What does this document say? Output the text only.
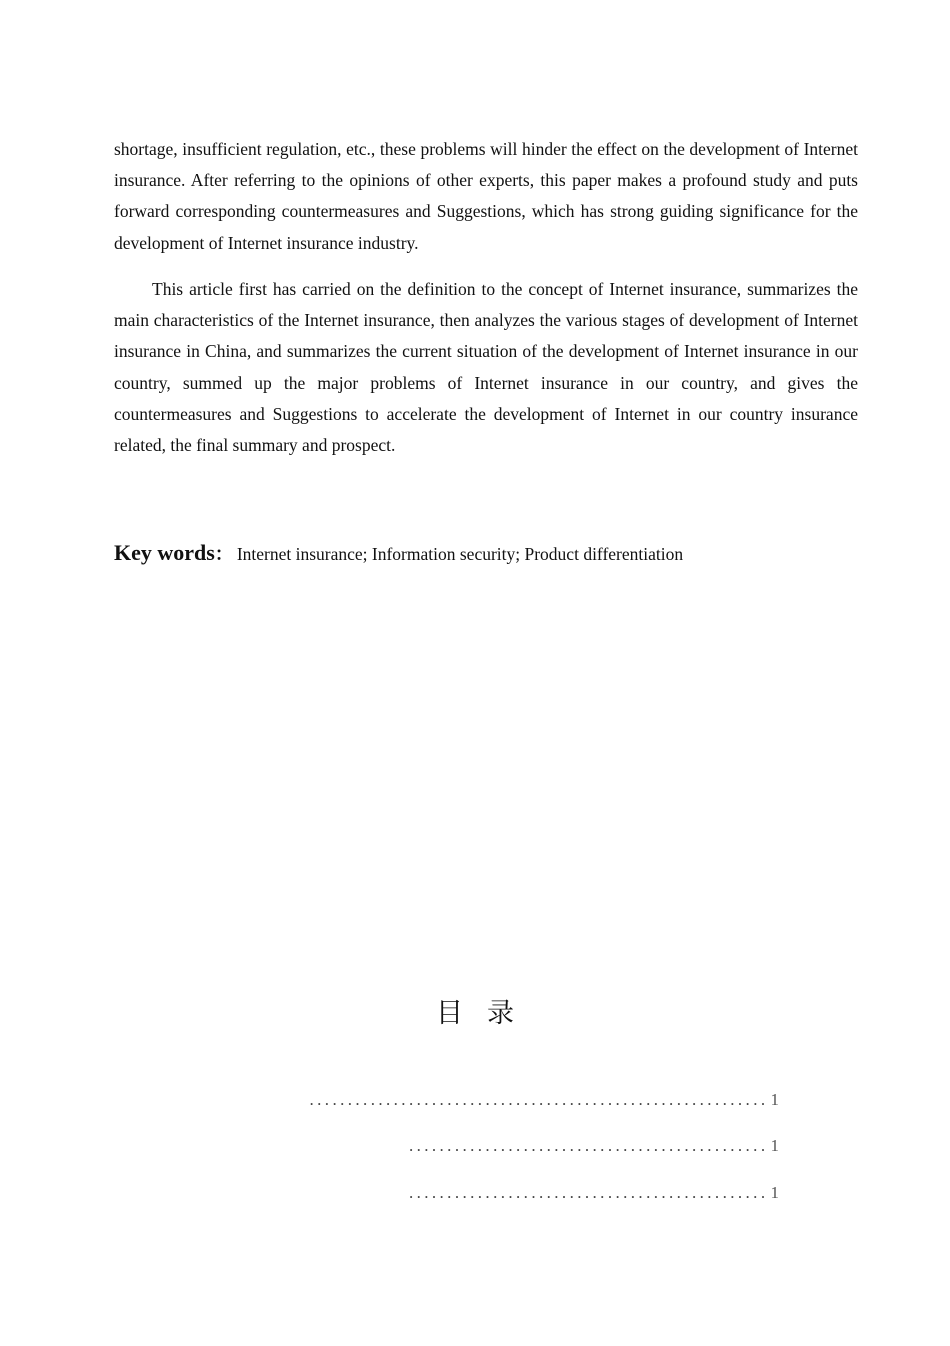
shortage, insufficient regulation, etc., these problems will hinder the effect on the development of Internet insurance. After referring to the opinions of other experts, this paper makes a profound study and puts forward corresponding countermeasures and Suggestions, which has strong guiding significance for the development of Internet insurance industry.

This article first has carried on the definition to the concept of Internet insurance, summarizes the main characteristics of the Internet insurance, then analyzes the various stages of development of Internet insurance in China, and summarizes the current situation of the development of Internet insurance in our country, summed up the major problems of Internet insurance in our country, and gives the countermeasures and Suggestions to accelerate the development of Internet in our country insurance related, the final summary and prospect.

Key words： Internet insurance; Information security; Product differentiation
目录
............................................................ 1
............................................... 1
............................................... 1
